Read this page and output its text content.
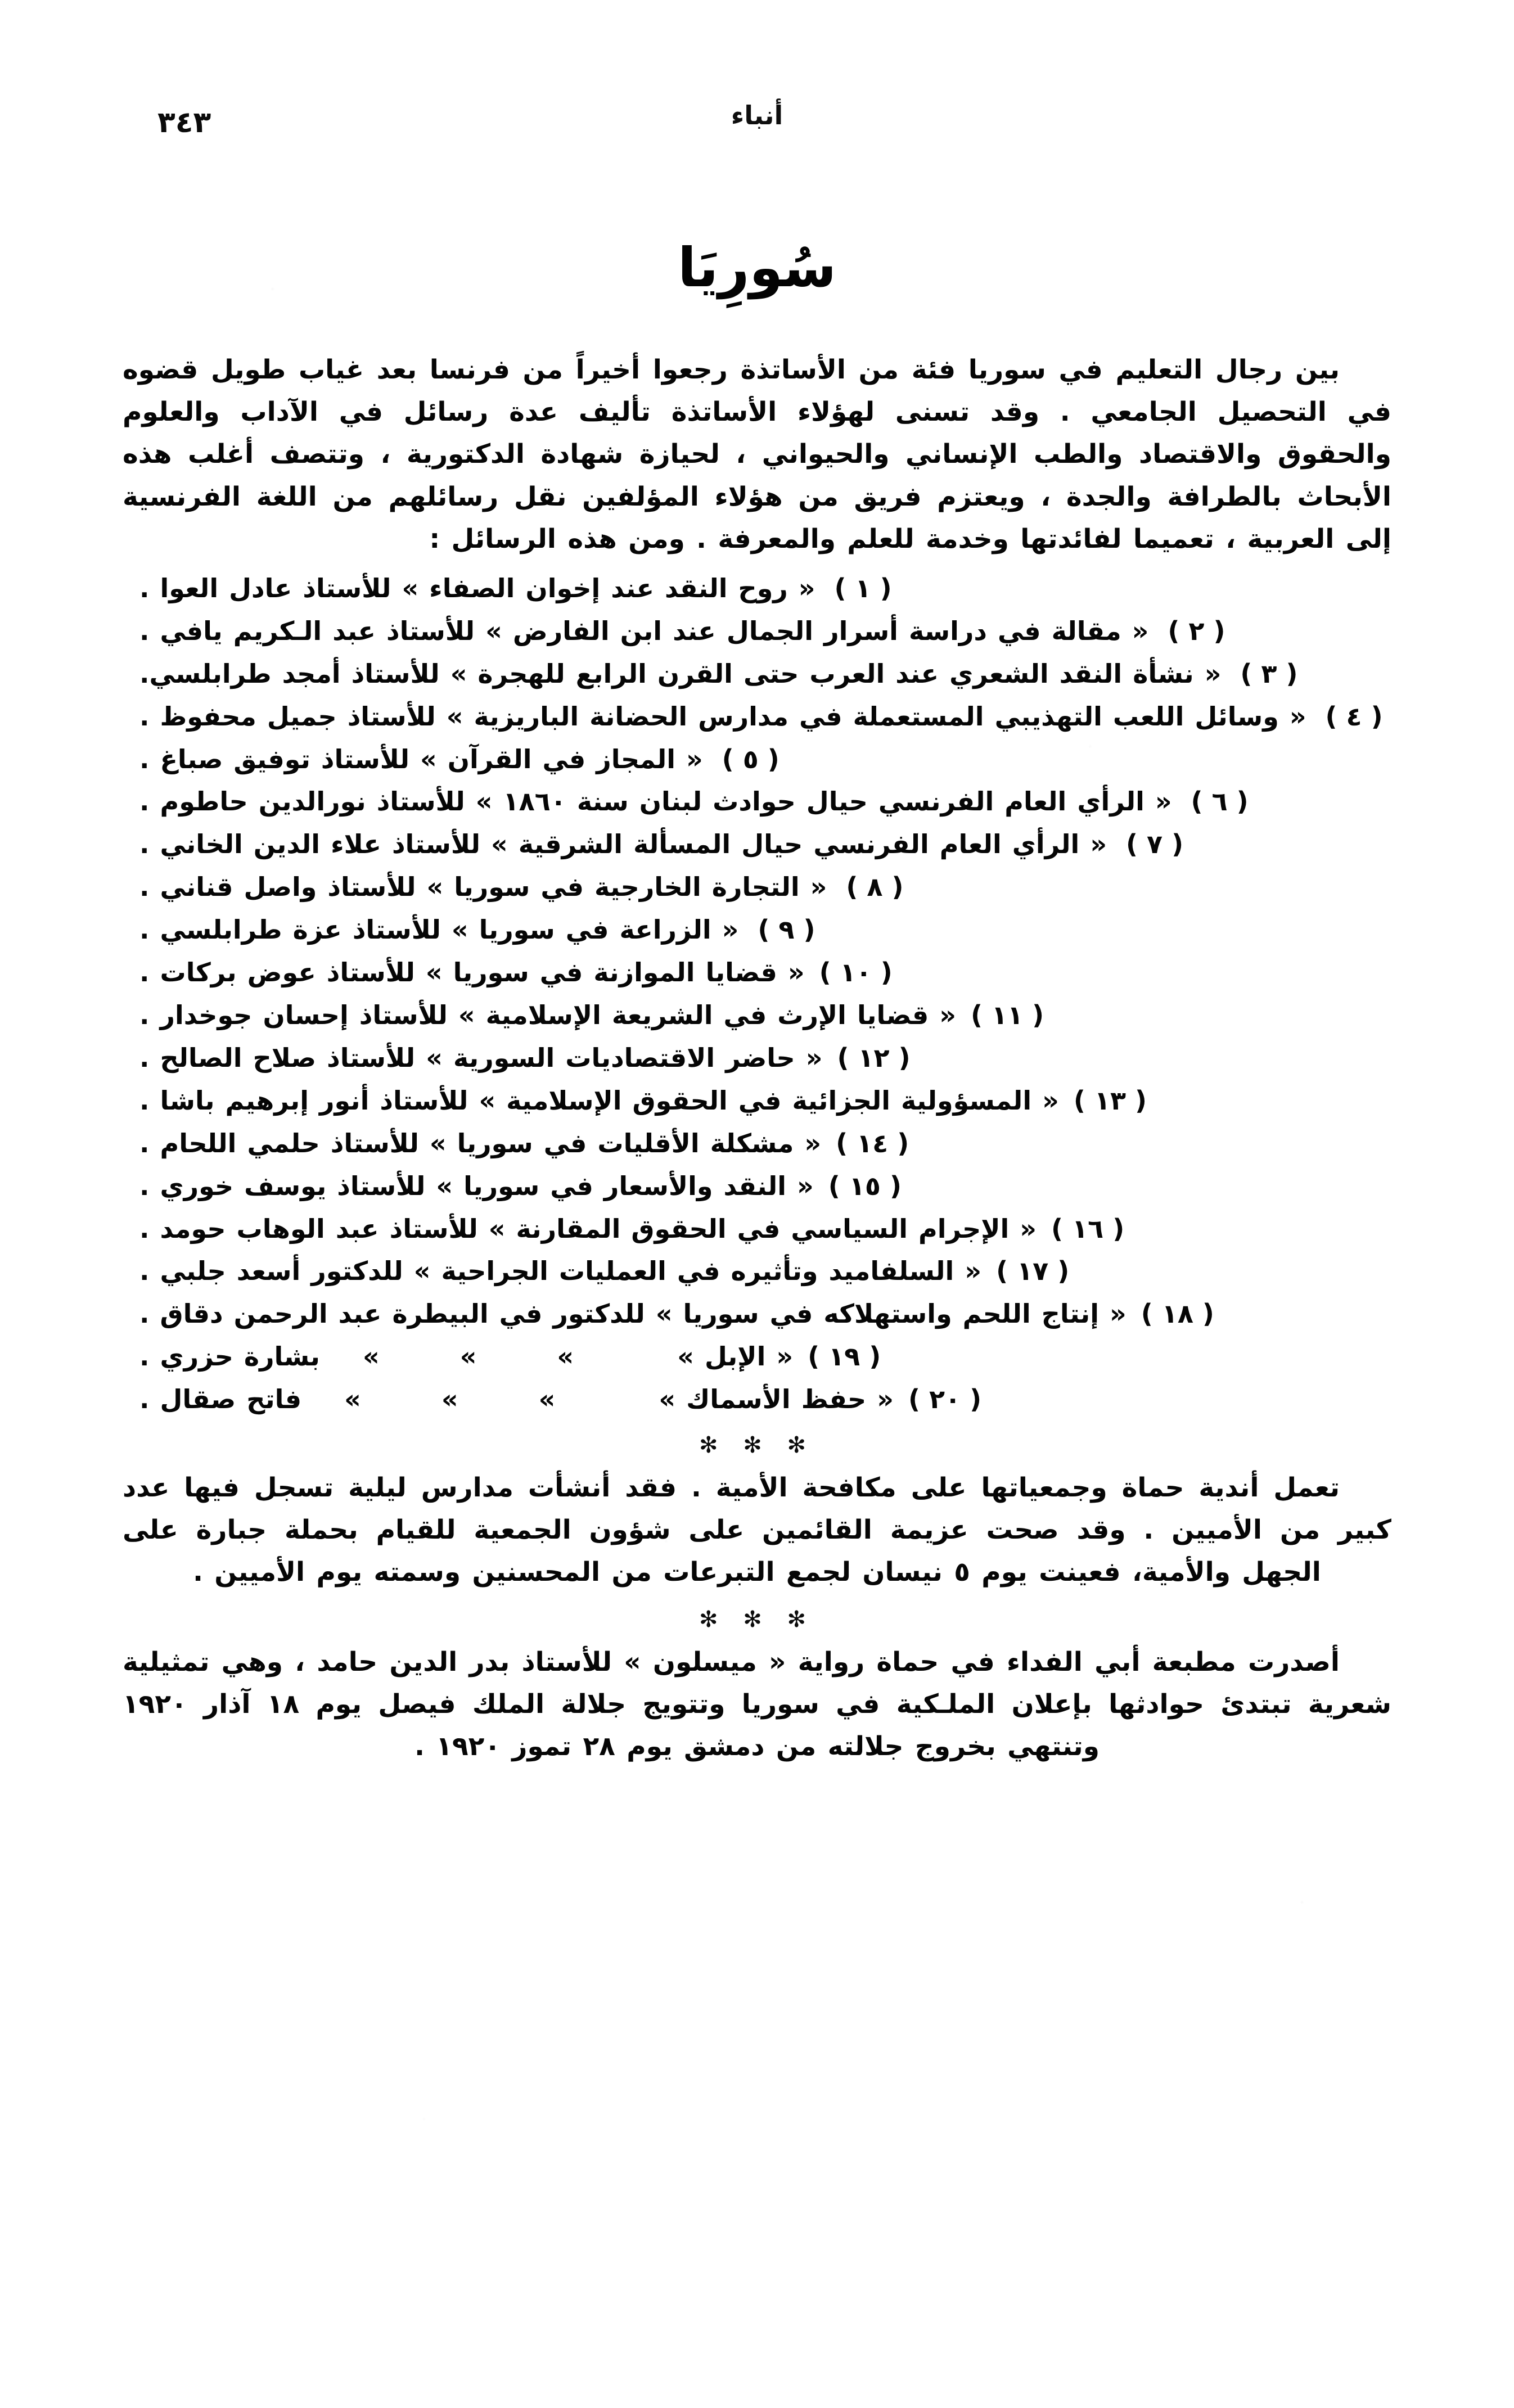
٣٤٣	أنباء
سُورِيَا

بين رجال التعليم في سوريا فئة من الأساتذة رجعوا أخيراً من فرنسا بعد غياب طويل قضوه في التحصيل الجامعي . وقد تسنى لهؤلاء الأساتذة تأليف عدة رسائل في الآداب والعلوم والحقوق والاقتصاد والطب الإنساني والحيواني ، لحيازة شهادة الدكتورية ، وتتصف أغلب هذه الأبحاث بالطرافة والجدة ، ويعتزم فريق من هؤلاء المؤلفين نقل رسائلهم من اللغة الفرنسية إلى العربية ، تعميما لفائدتها وخدمة للعلم والمعرفة . ومن هذه الرسائل :

( ١ )
« روح النقد عند إخوان الصفاء » للأستاذ عادل العوا .
( ٢ )
« مقالة في دراسة أسرار الجمال عند ابن الفارض » للأستاذ عبد الـكريم يافي .
( ٣ )
« نشأة النقد الشعري عند العرب حتى القرن الرابع للهجرة » للأستاذ أمجد طرابلسي.
( ٤ )
« وسائل اللعب التهذيبي المستعملة في مدارس الحضانة الباريزية » للأستاذ جميل محفوظ .
( ٥ )
« المجاز في القرآن » للأستاذ توفيق صباغ .
( ٦ )
« الرأي العام الفرنسي حيال حوادث لبنان سنة ١٨٦٠ » للأستاذ نورالدين حاطوم .
( ٧ )
« الرأي العام الفرنسي حيال المسألة الشرقية » للأستاذ علاء الدين الخاني .
( ٨ )
« التجارة الخارجية في سوريا » للأستاذ واصل قناني .
( ٩ )
« الزراعة في سوريا » للأستاذ عزة طرابلسي .
( ١٠ )
« قضايا الموازنة في سوريا » للأستاذ عوض بركات .
( ١١ )
« قضايا الإرث في الشريعة الإسلامية » للأستاذ إحسان جوخدار .
( ١٢ )
« حاضر الاقتصاديات السورية » للأستاذ صلاح الصالح .
( ١٣ )
« المسؤولية الجزائية في الحقوق الإسلامية » للأستاذ أنور إبرهيم باشا .
( ١٤ )
« مشكلة الأقليات في سوريا » للأستاذ حلمي اللحام .
( ١٥ )
« النقد والأسعار في سوريا » للأستاذ يوسف خوري .
( ١٦ )
« الإجرام السياسي في الحقوق المقارنة » للأستاذ عبد الوهاب حومد .
( ١٧ )
« السلفاميد وتأثيره في العمليات الجراحية » للدكتور أسعد جلبي .
( ١٨ )
« إنتاج اللحم واستهلاكه في سوريا » للدكتور في البيطرة عبد الرحمن دقاق .
( ١٩ )
« الإبل »      » » »    بشارة حزري .
( ٢٠ )
« حفظ الأسماك »      » » »    فاتح صقال .
✻ ✻ ✻

تعمل أندية حماة وجمعياتها على مكافحة الأمية . فقد أنشأت مدارس ليلية تسجل فيها عدد كبير من الأميين . وقد صحت عزيمة القائمين على شؤون الجمعية للقيام بحملة جبارة على الجهل والأمية، فعينت يوم ٥ نيسان لجمع التبرعات من المحسنين وسمته يوم الأميين .

✻ ✻ ✻

أصدرت مطبعة أبي الفداء في حماة رواية « ميسلون » للأستاذ بدر الدين حامد ، وهي تمثيلية شعرية تبتدئ حوادثها بإعلان الملـكية في سوريا وتتويج جلالة الملك فيصل يوم ١٨ آذار ١٩٢٠ وتنتهي بخروج جلالته من دمشق يوم ٢٨ تموز ١٩٢٠ .
